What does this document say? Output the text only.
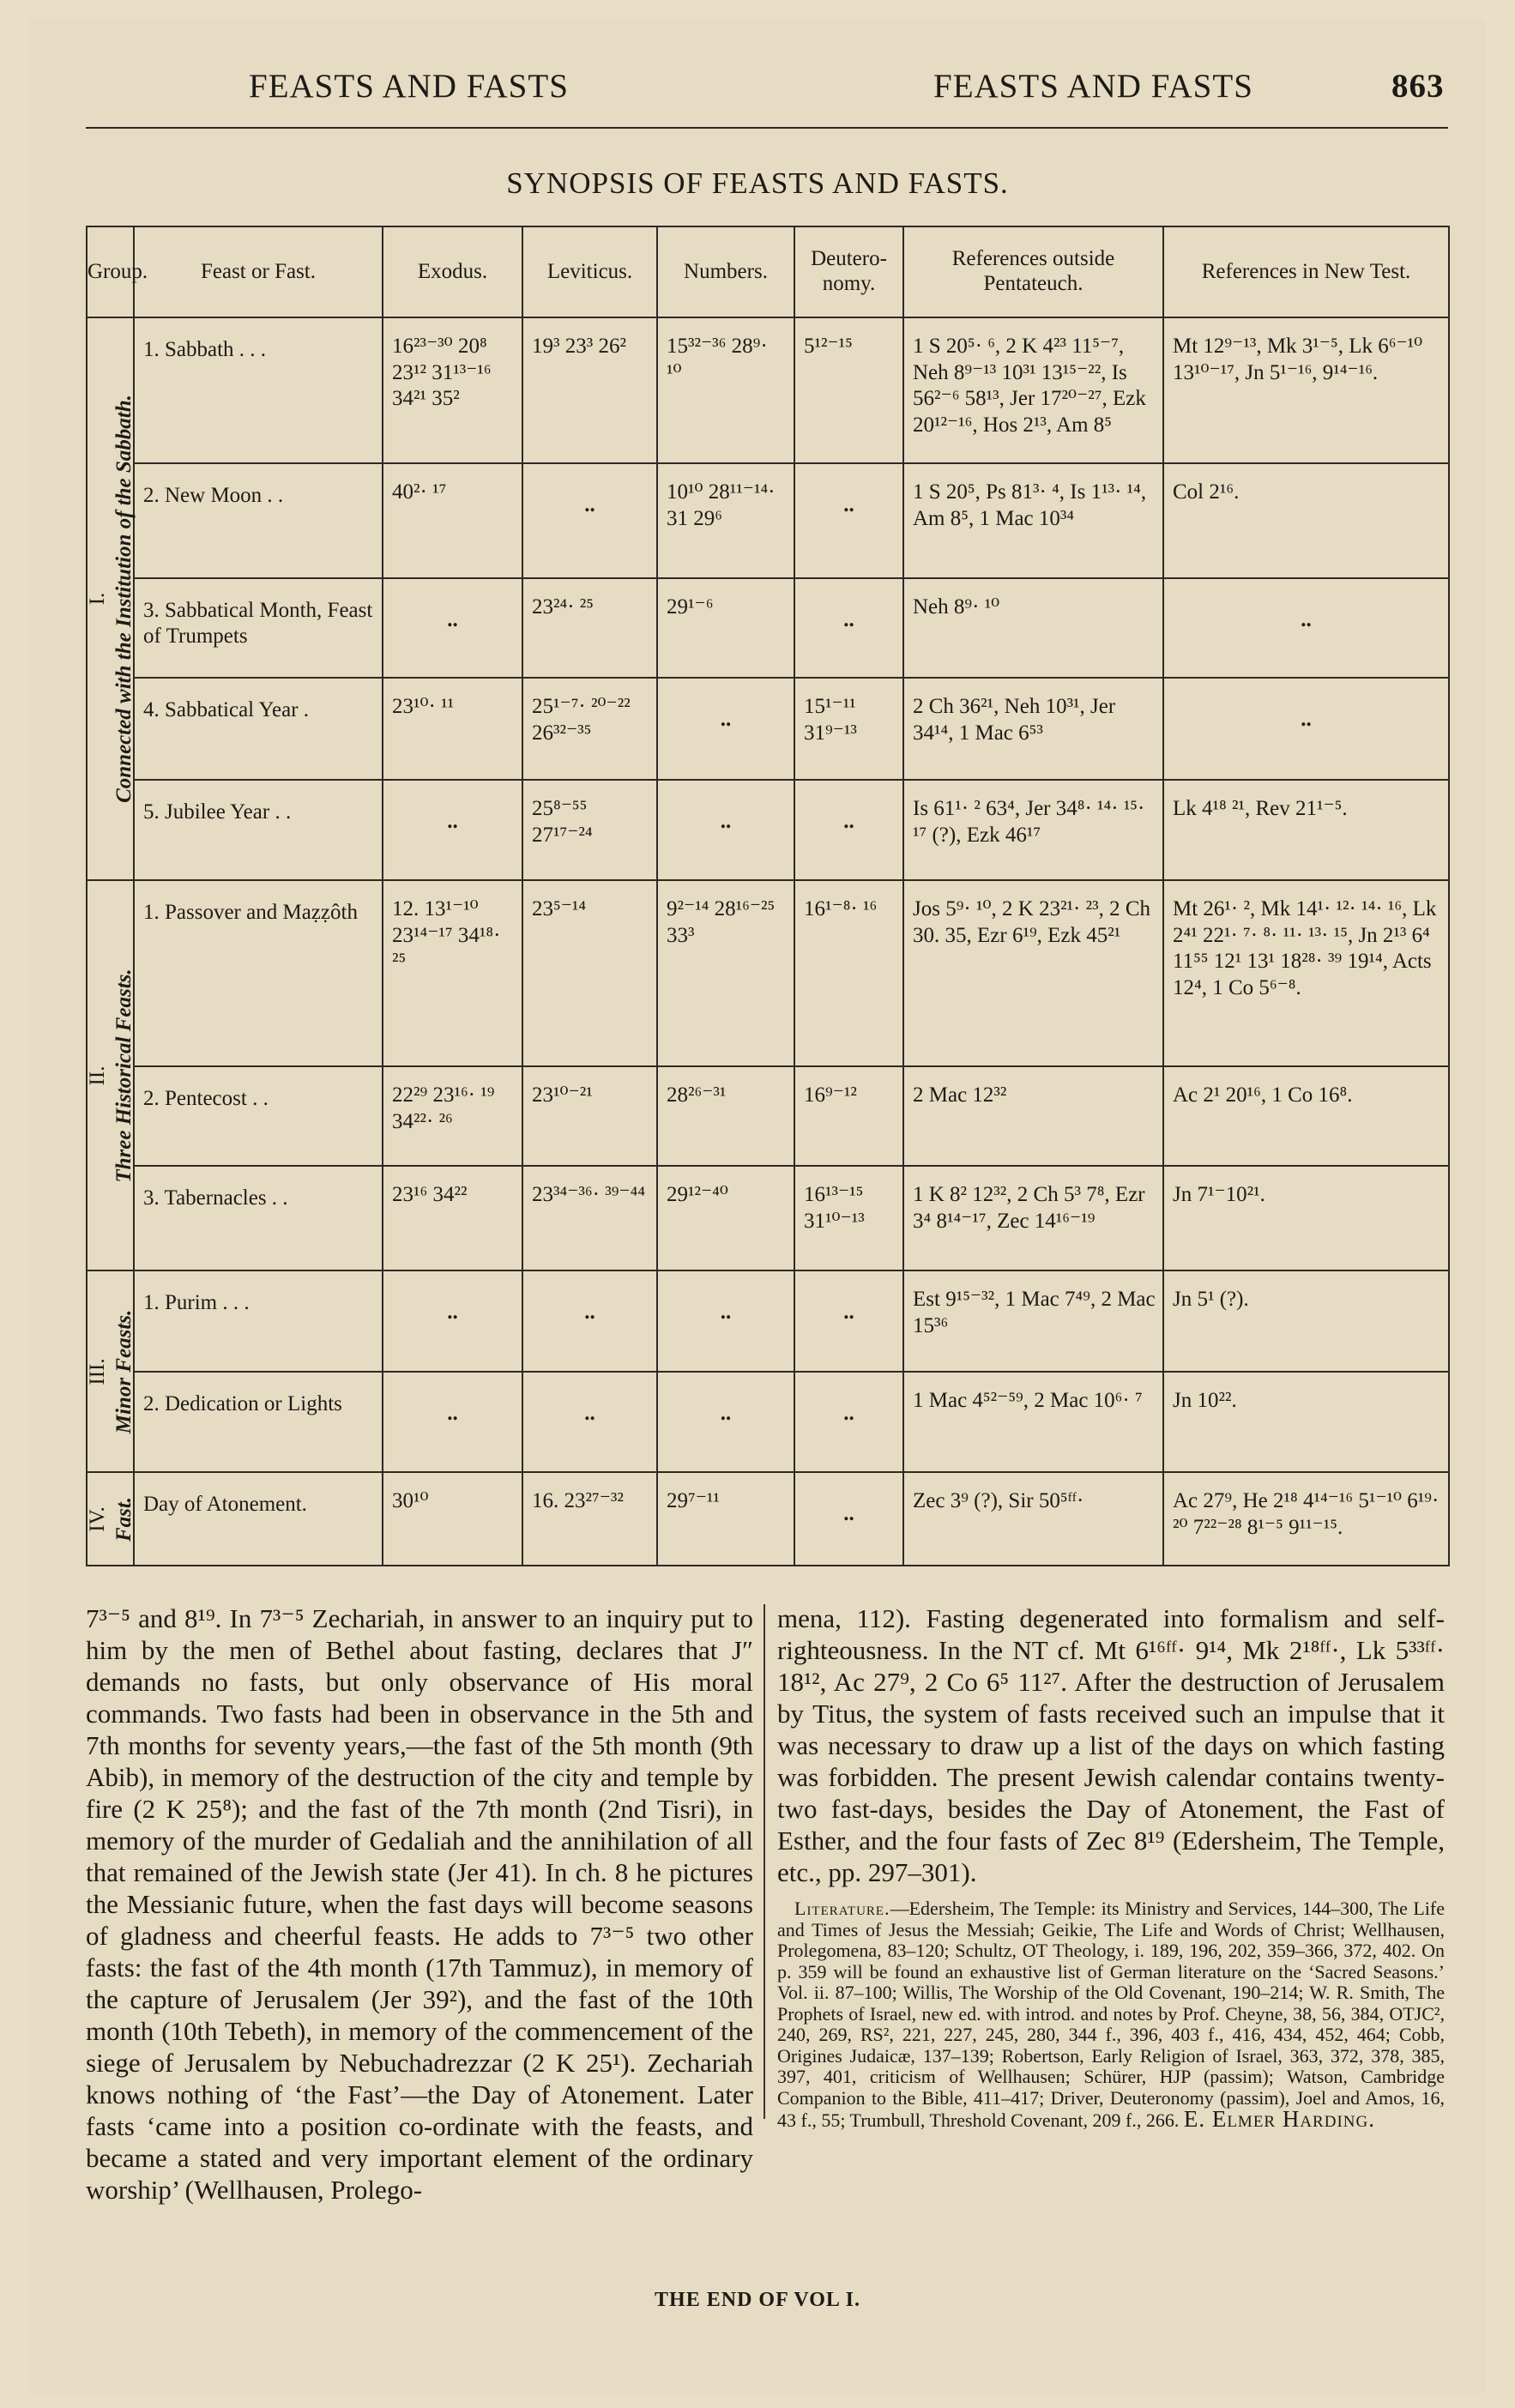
FEASTS AND FASTS	FEASTS AND FASTS	863
SYNOPSIS OF FEASTS AND FASTS.
Group.	Feast or Fast.	Exodus.	Leviticus.	Numbers.	Deutero-nomy.	References outside Pentateuch.	References in New Test.

I. Connected with the Institution of the Sabbath.	1. Sabbath . . .	16²³⁻³⁰ 20⁸ 23¹² 31¹³⁻¹⁶ 34²¹ 35²	19³ 23³ 26²	15³²⁻³⁶ 28⁹· ¹⁰	5¹²⁻¹⁵	1 S 20⁵· ⁶, 2 K 4²³ 11⁵⁻⁷, Neh 8⁹⁻¹³ 10³¹ 13¹⁵⁻²², Is 56²⁻⁶ 58¹³, Jer 17²⁰⁻²⁷, Ezk 20¹²⁻¹⁶, Hos 2¹³, Am 8⁵	Mt 12⁹⁻¹³, Mk 3¹⁻⁵, Lk 6⁶⁻¹⁰ 13¹⁰⁻¹⁷, Jn 5¹⁻¹⁶, 9¹⁴⁻¹⁶.

	2. New Moon . .	40²· ¹⁷	..	10¹⁰ 28¹¹⁻¹⁴· 31 29⁶	..	1 S 20⁵, Ps 81³· ⁴, Is 1¹³· ¹⁴, Am 8⁵, 1 Mac 10³⁴	Col 2¹⁶.

	3. Sabbatical Month, Feast of Trumpets	..	23²⁴· ²⁵	29¹⁻⁶	..	Neh 8⁹· ¹⁰	..

	4. Sabbatical Year .	23¹⁰· ¹¹	25¹⁻⁷· ²⁰⁻²² 26³²⁻³⁵	..	15¹⁻¹¹ 31⁹⁻¹³	2 Ch 36²¹, Neh 10³¹, Jer 34¹⁴, 1 Mac 6⁵³	..

	5. Jubilee Year . .	..	25⁸⁻⁵⁵ 27¹⁷⁻²⁴	..	..	Is 61¹· ² 63⁴, Jer 34⁸· ¹⁴· ¹⁵· ¹⁷ (?), Ezk 46¹⁷	Lk 4¹⁸ ²¹, Rev 21¹⁻⁵.

II. Three Historical Feasts.	1. Passover and Maẓẓôth	12. 13¹⁻¹⁰ 23¹⁴⁻¹⁷ 34¹⁸· ²⁵	23⁵⁻¹⁴	9²⁻¹⁴ 28¹⁶⁻²⁵ 33³	16¹⁻⁸· ¹⁶	Jos 5⁹· ¹⁰, 2 K 23²¹· ²³, 2 Ch 30. 35, Ezr 6¹⁹, Ezk 45²¹	Mt 26¹· ², Mk 14¹· ¹²· ¹⁴· ¹⁶, Lk 2⁴¹ 22¹· ⁷· ⁸· ¹¹· ¹³· ¹⁵, Jn 2¹³ 6⁴ 11⁵⁵ 12¹ 13¹ 18²⁸· ³⁹ 19¹⁴, Acts 12⁴, 1 Co 5⁶⁻⁸.

	2. Pentecost . .	22²⁹ 23¹⁶· ¹⁹ 34²²· ²⁶	23¹⁰⁻²¹	28²⁶⁻³¹	16⁹⁻¹²	2 Mac 12³²	Ac 2¹ 20¹⁶, 1 Co 16⁸.

	3. Tabernacles . .	23¹⁶ 34²²	23³⁴⁻³⁶· ³⁹⁻⁴⁴	29¹²⁻⁴⁰	16¹³⁻¹⁵ 31¹⁰⁻¹³	1 K 8² 12³², 2 Ch 5³ 7⁸, Ezr 3⁴ 8¹⁴⁻¹⁷, Zec 14¹⁶⁻¹⁹	Jn 7¹⁻10²¹.

III. Minor Feasts.	1. Purim . . .	..	..	..	..	Est 9¹⁵⁻³², 1 Mac 7⁴⁹, 2 Mac 15³⁶	Jn 5¹ (?).

	2. Dedication or Lights	..	..	..	..	1 Mac 4⁵²⁻⁵⁹, 2 Mac 10⁶· ⁷	Jn 10²².

IV. Fast.	Day of Atonement.	30¹⁰	16. 23²⁷⁻³²	29⁷⁻¹¹	..	Zec 3⁹ (?), Sir 50⁵ᶠᶠ·	Ac 27⁹, He 2¹⁸ 4¹⁴⁻¹⁶ 5¹⁻¹⁰ 6¹⁹· ²⁰ 7²²⁻²⁸ 8¹⁻⁵ 9¹¹⁻¹⁵.

7³⁻⁵ and 8¹⁹. In 7³⁻⁵ Zechariah, in answer to an inquiry put to him by the men of Bethel about fasting, declares that J″ demands no fasts, but only observance of His moral commands. Two fasts had been in observance in the 5th and 7th months for seventy years,—the fast of the 5th month (9th Abib), in memory of the destruction of the city and temple by fire (2 K 25⁸); and the fast of the 7th month (2nd Tisri), in memory of the murder of Gedaliah and the annihilation of all that remained of the Jewish state (Jer 41). In ch. 8 he pictures the Messianic future, when the fast days will become seasons of gladness and cheerful feasts. He adds to 7³⁻⁵ two other fasts: the fast of the 4th month (17th Tammuz), in memory of the capture of Jerusalem (Jer 39²), and the fast of the 10th month (10th Tebeth), in memory of the commencement of the siege of Jerusalem by Nebuchadrezzar (2 K 25¹). Zechariah knows nothing of ‘the Fast’—the Day of Atonement. Later fasts ‘came into a position co-ordinate with the feasts, and became a stated and very important element of the ordinary worship’ (Wellhausen, Prolego-

mena, 112). Fasting degenerated into formalism and self-righteousness. In the NT cf. Mt 6¹⁶ᶠᶠ· 9¹⁴, Mk 2¹⁸ᶠᶠ·, Lk 5³³ᶠᶠ· 18¹², Ac 27⁹, 2 Co 6⁵ 11²⁷. After the destruction of Jerusalem by Titus, the system of fasts received such an impulse that it was necessary to draw up a list of the days on which fasting was forbidden. The present Jewish calendar contains twenty-two fast-days, besides the Day of Atonement, the Fast of Esther, and the four fasts of Zec 8¹⁹ (Edersheim, The Temple, etc., pp. 297–301).

Literature.—Edersheim, The Temple: its Ministry and Services, 144–300, The Life and Times of Jesus the Messiah; Geikie, The Life and Words of Christ; Wellhausen, Prolegomena, 83–120; Schultz, OT Theology, i. 189, 196, 202, 359–366, 372, 402. On p. 359 will be found an exhaustive list of German literature on the ‘Sacred Seasons.’ Vol. ii. 87–100; Willis, The Worship of the Old Covenant, 190–214; W. R. Smith, The Prophets of Israel, new ed. with introd. and notes by Prof. Cheyne, 38, 56, 384, OTJC², 240, 269, RS², 221, 227, 245, 280, 344 f., 396, 403 f., 416, 434, 452, 464; Cobb, Origines Judaicæ, 137–139; Robertson, Early Religion of Israel, 363, 372, 378, 385, 397, 401, criticism of Wellhausen; Schürer, HJP (passim); Watson, Cambridge Companion to the Bible, 411–417; Driver, Deuteronomy (passim), Joel and Amos, 16, 43 f., 55; Trumbull, Threshold Covenant, 209 f., 266. E. Elmer Harding.

THE END OF VOL I.
